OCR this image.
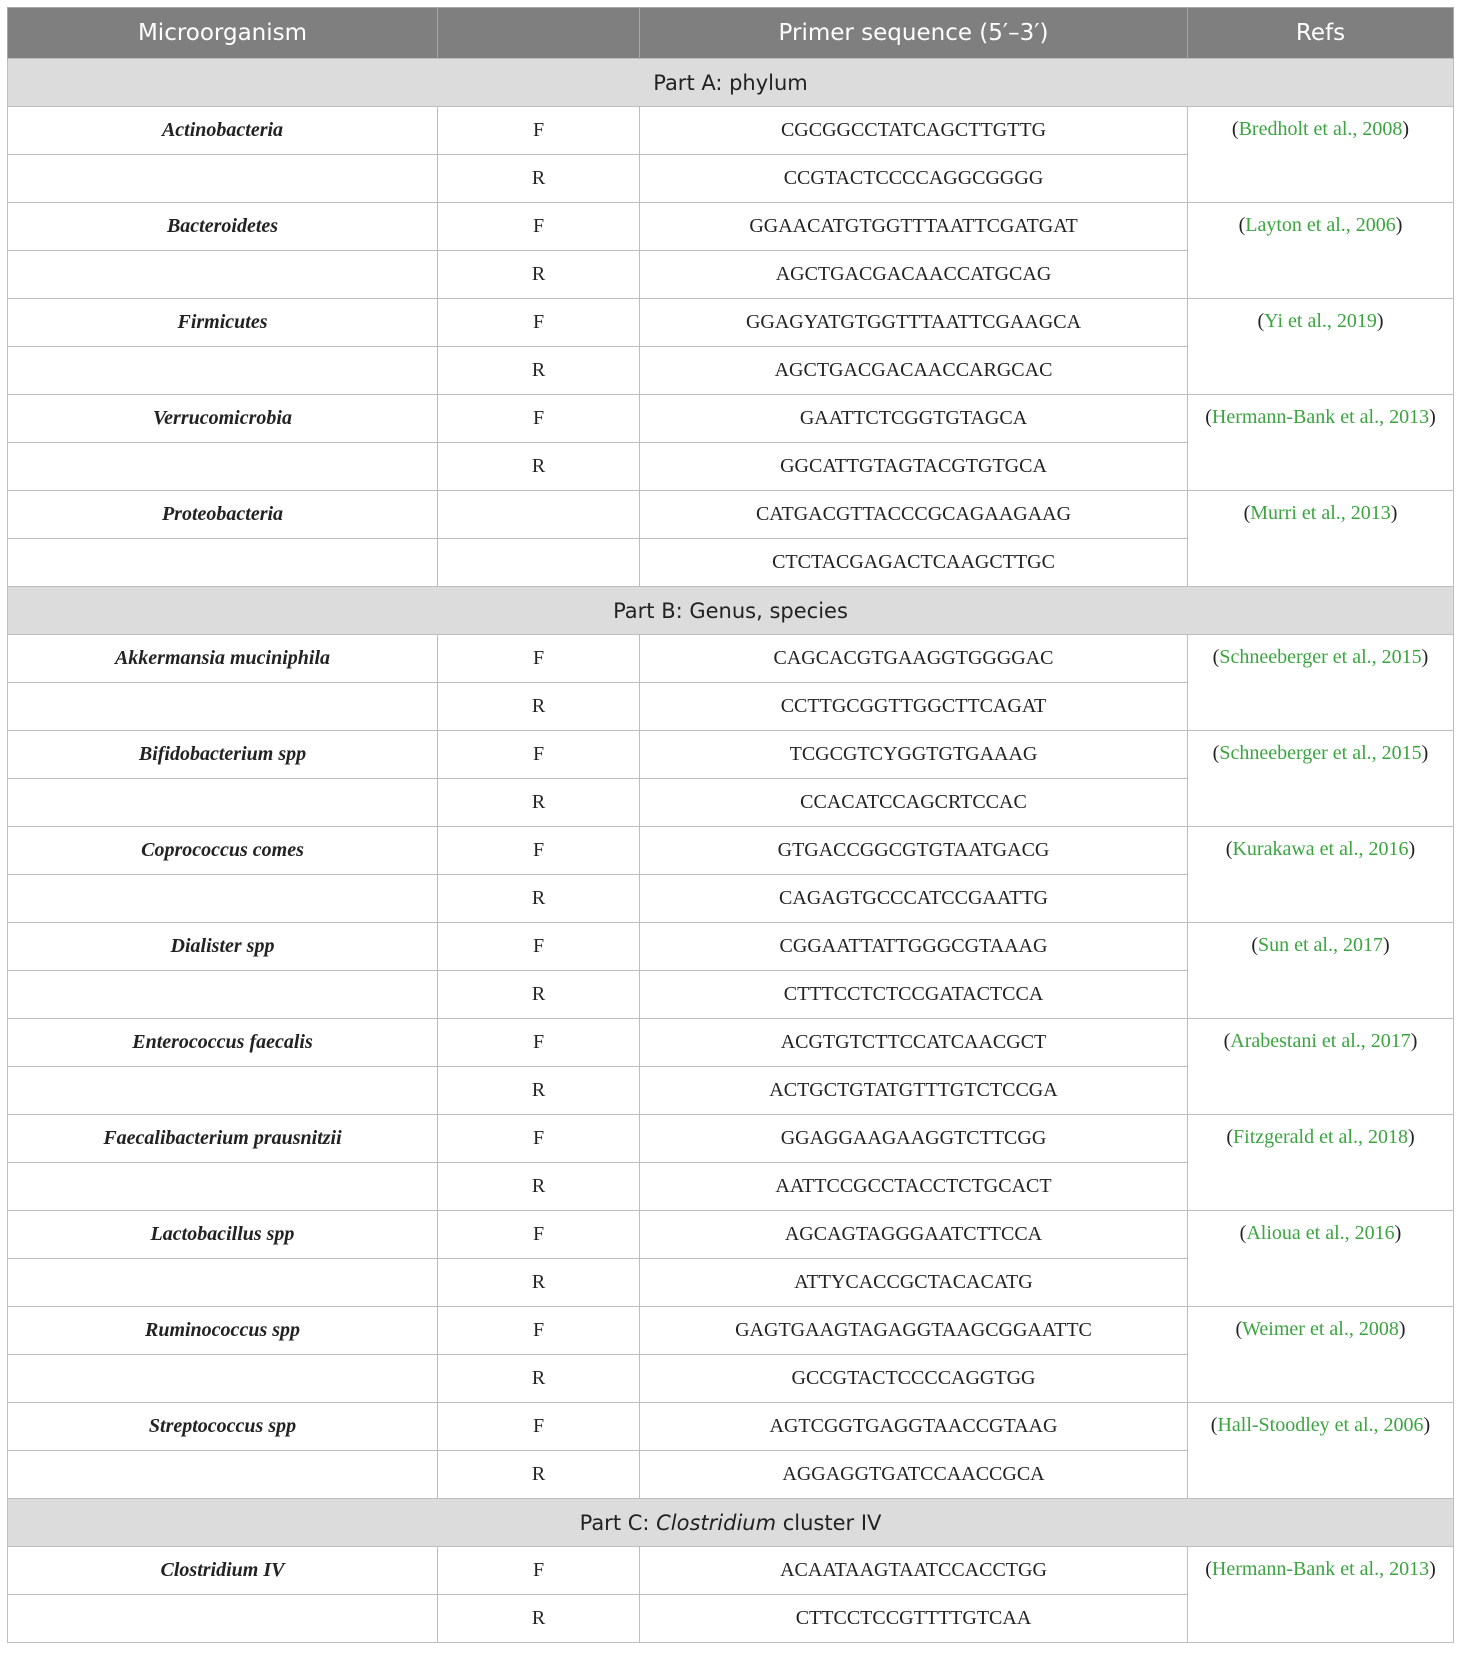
Microorganism		Primer sequence (5′–3′)	Refs
Part A: phylum			
Actinobacteria	F	CGCGGCCTATCAGCTTGTTG	(Bredholt et al., 2008)
	R	CCGTACTCCCCAGGCGGGG	
Bacteroidetes	F	GGAACATGTGGTTTAATTCGATGAT	(Layton et al., 2006)
	R	AGCTGACGACAACCATGCAG	
Firmicutes	F	GGAGYATGTGGTTTAATTCGAAGCA	(Yi et al., 2019)
	R	AGCTGACGACAACCARGCAC	
Verrucomicrobia	F	GAATTCTCGGTGTAGCA	(Hermann-Bank et al., 2013)
	R	GGCATTGTAGTACGTGTGCA	
Proteobacteria		CATGACGTTACCCGCAGAAGAAG	(Murri et al., 2013)
		CTCTACGAGACTCAAGCTTGC	
Part B: Genus, species			
Akkermansia muciniphila	F	CAGCACGTGAAGGTGGGGAC	(Schneeberger et al., 2015)
	R	CCTTGCGGTTGGCTTCAGAT	
Bifidobacterium spp	F	TCGCGTCYGGTGTGAAAG	(Schneeberger et al., 2015)
	R	CCACATCCAGCRTCCAC	
Coprococcus comes	F	GTGACCGGCGTGTAATGACG	(Kurakawa et al., 2016)
	R	CAGAGTGCCCATCCGAATTG	
Dialister spp	F	CGGAATTATTGGGCGTAAAG	(Sun et al., 2017)
	R	CTTTCCTCTCCGATACTCCA	
Enterococcus faecalis	F	ACGTGTCTTCCATCAACGCT	(Arabestani et al., 2017)
	R	ACTGCTGTATGTTTGTCTCCGA	
Faecalibacterium prausnitzii	F	GGAGGAAGAAGGTCTTCGG	(Fitzgerald et al., 2018)
	R	AATTCCGCCTACCTCTGCACT	
Lactobacillus spp	F	AGCAGTAGGGAATCTTCCA	(Alioua et al., 2016)
	R	ATTYCACCGCTACACATG	
Ruminococcus spp	F	GAGTGAAGTAGAGGTAAGCGGAATTC	(Weimer et al., 2008)
	R	GCCGTACTCCCCAGGTGG	
Streptococcus spp	F	AGTCGGTGAGGTAACCGTAAG	(Hall-Stoodley et al., 2006)
	R	AGGAGGTGATCCAACCGCA	
Part C: Clostridium cluster IV			
Clostridium IV	F	ACAATAAGTAATCCACCTGG	(Hermann-Bank et al., 2013)
	R	CTTCCTCCGTTTTGTCAA	
